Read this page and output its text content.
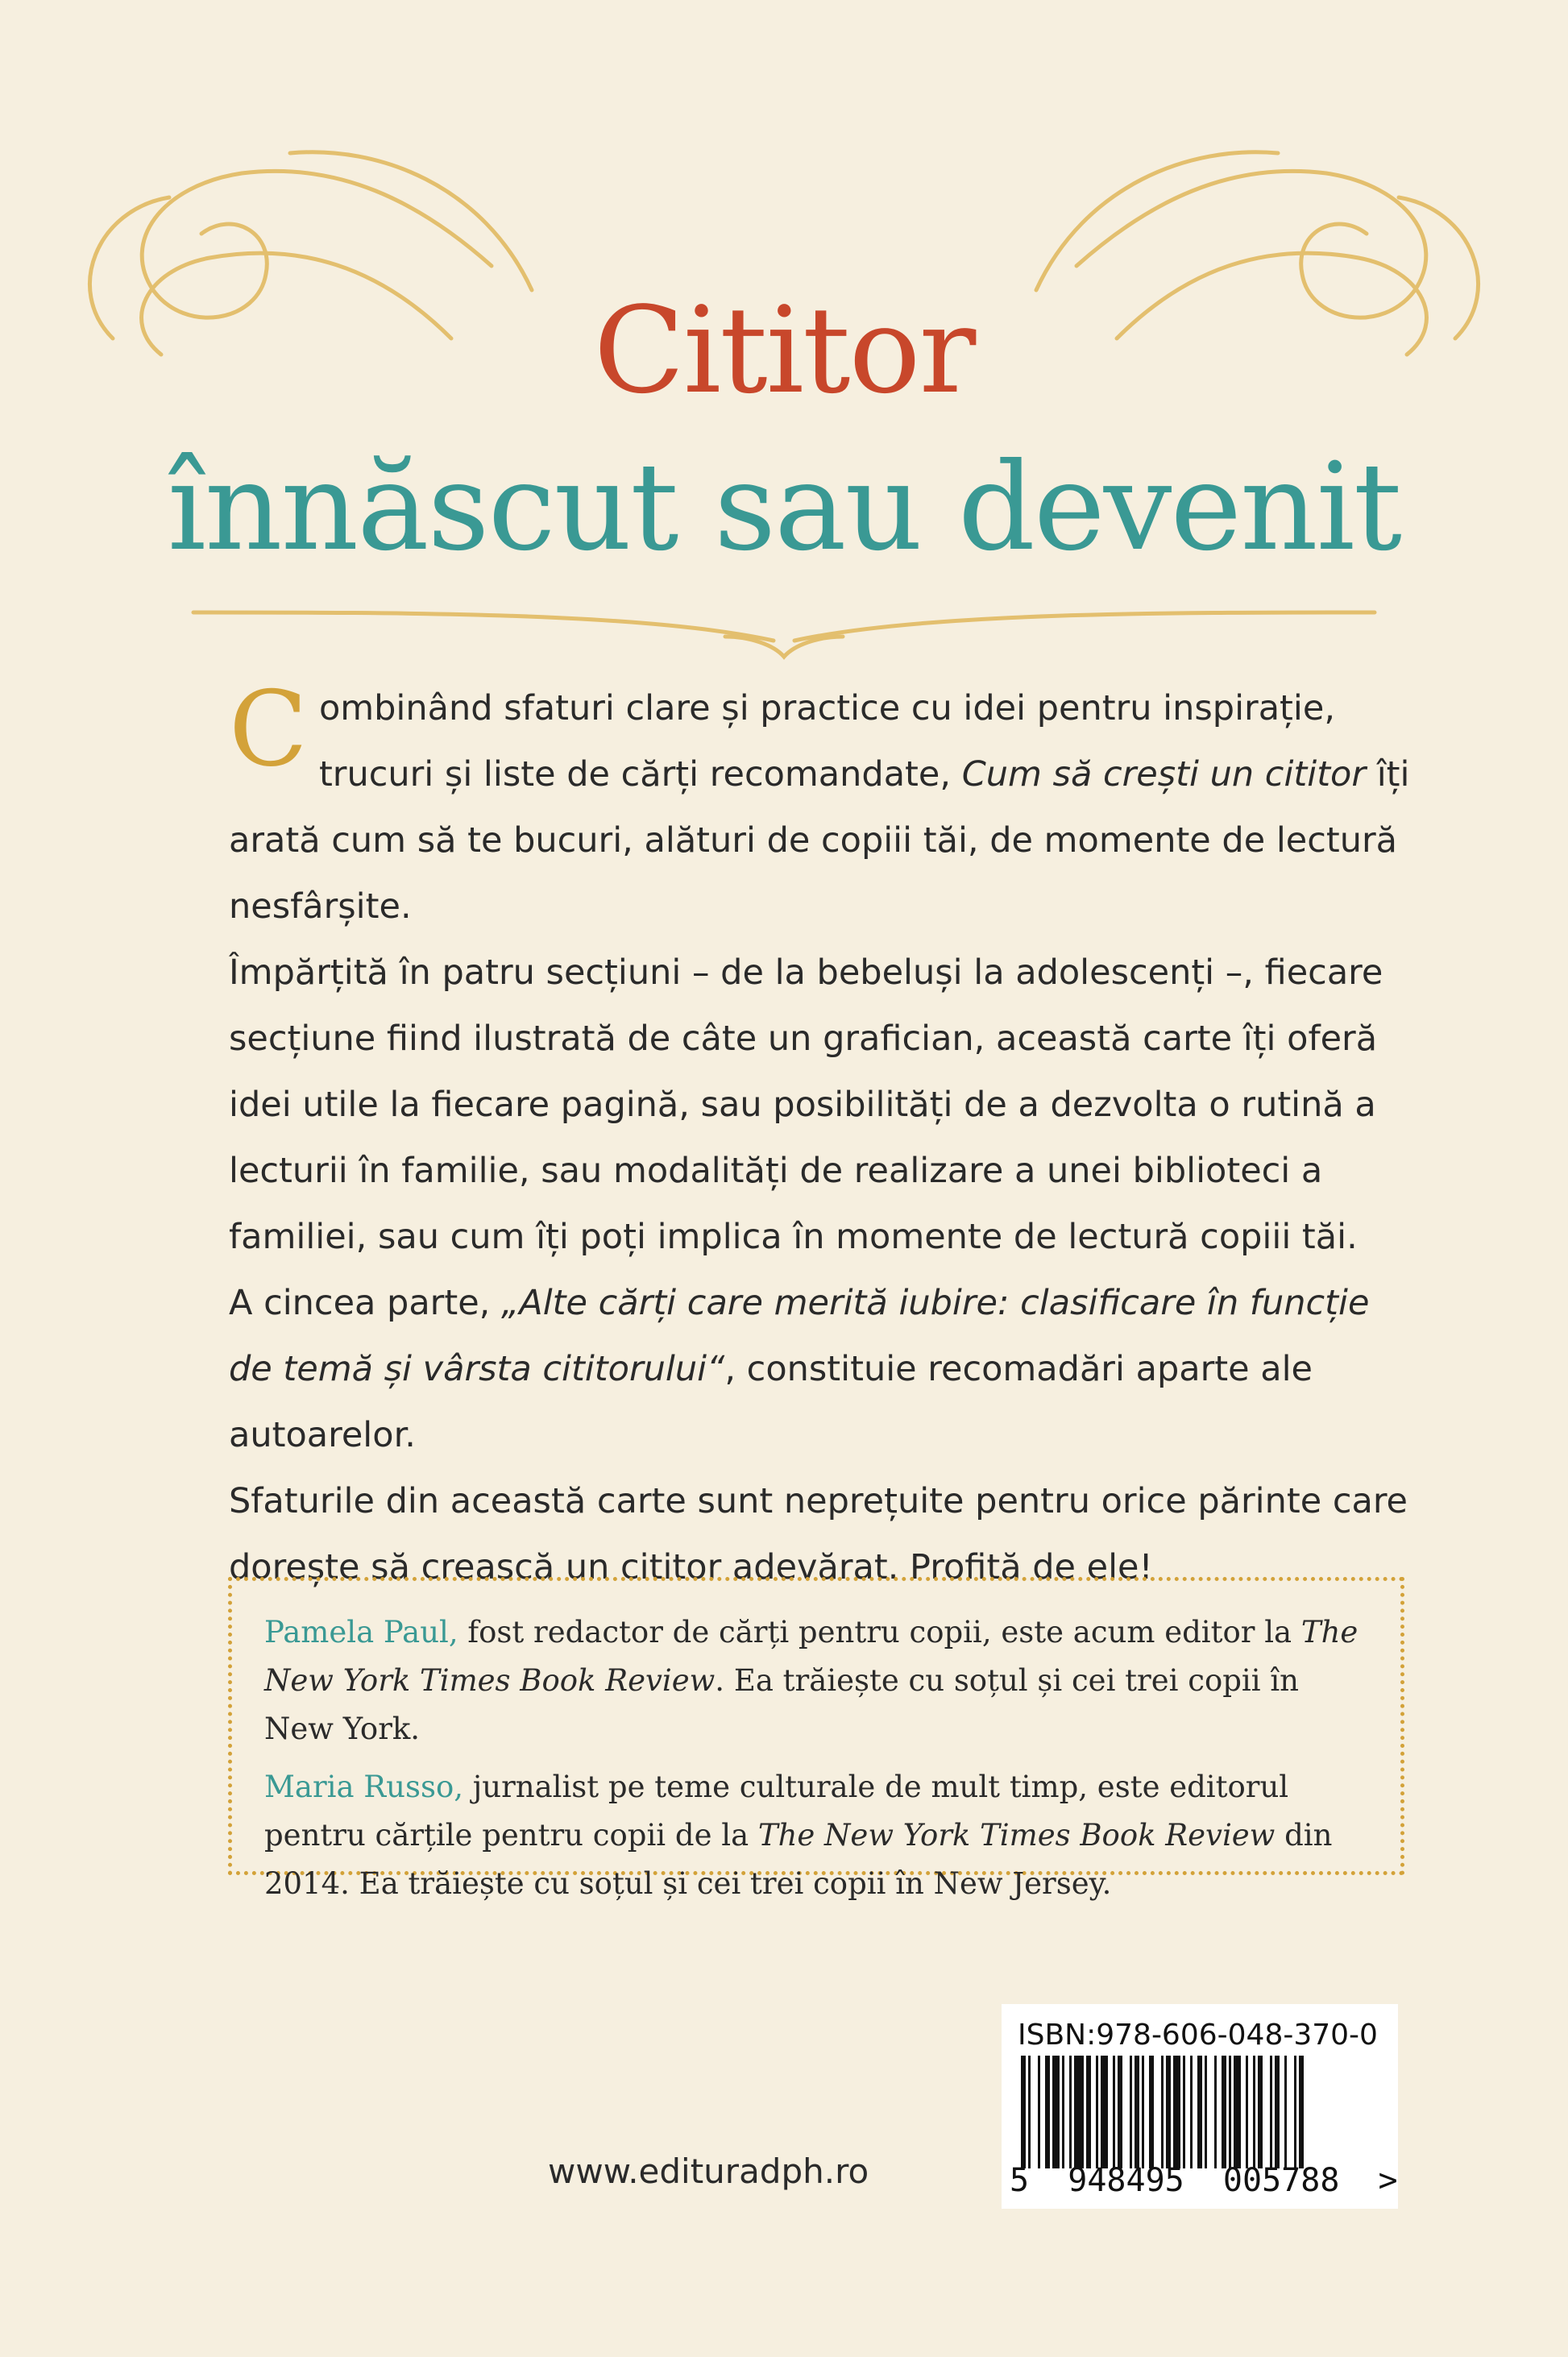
Cititor
înnăscut sau devenit

Combinând sfaturi clare și practice cu idei pentru inspirație, trucuri și liste de cărți recomandate, Cum să crești un cititor îți arată cum să te bucuri, alături de copiii tăi, de momente de lectură nesfârșite.

Împărțită în patru secțiuni – de la bebeluși la adolescenți –, fiecare secțiune fiind ilustrată de câte un grafician, această carte îți oferă idei utile la fiecare pagină, sau posibilități de a dezvolta o rutină a lecturii în familie, sau modalități de realizare a unei biblioteci a familiei, sau cum îți poți implica în momente de lectură copiii tăi.

A cincea parte, „Alte cărți care merită iubire: clasificare în funcție de temă și vârsta cititorului“, constituie recomadări aparte ale autoarelor.

Sfaturile din această carte sunt neprețuite pentru orice părinte care dorește să crească un cititor adevărat. Profită de ele!

Pamela Paul, fost redactor de cărți pentru copii, este acum editor la The New York Times Book Review. Ea trăiește cu soțul și cei trei copii în New York.

Maria Russo, jurnalist pe teme culturale de mult timp, este editorul pentru cărțile pentru copii de la The New York Times Book Review din 2014. Ea trăiește cu soțul și cei trei copii în New Jersey.

www.edituradph.ro
ISBN:978-606-048-370-0
5  948495  005788  >
